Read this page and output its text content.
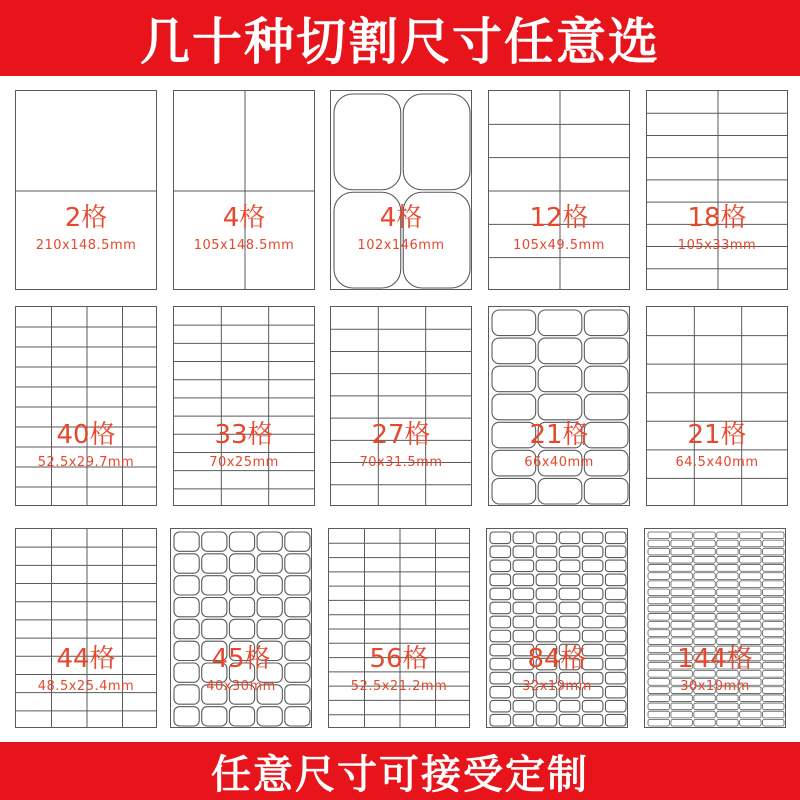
几十种切割尺寸任意选
2格
210x148.5mm
4格
105x148.5mm
4格
102x146mm
12格
105x49.5mm
18格
105x33mm
40格
52.5x29.7mm
33格
70x25mm
27格
70x31.5mm
21格
66x40mm
21格
64.5x40mm
44格
48.5x25.4mm
45格
40x30mm
56格
52.5x21.2mm
84格
32x19mm
144格
30x10mm
任意尺寸可接受定制
